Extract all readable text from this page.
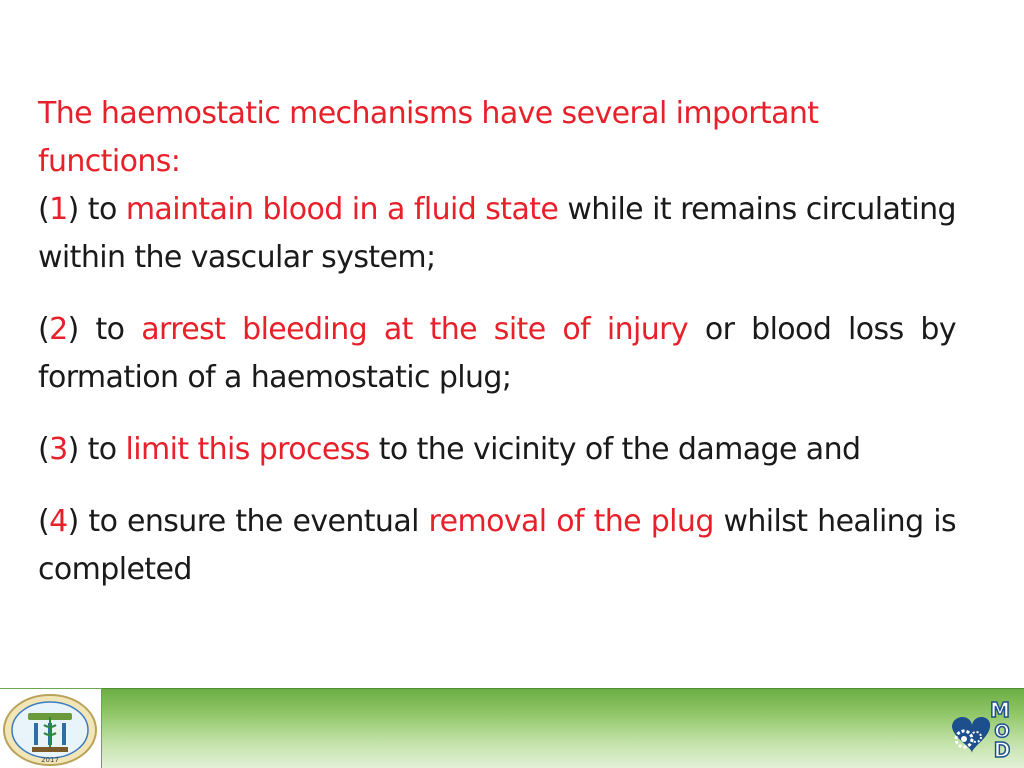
The haemostatic mechanisms have several important
functions:

(1) to maintain blood in a fluid state while it remains circulating within the vascular system;

(2) to arrest bleeding at the site of injury or blood loss by formation of a haemostatic plug;

(3) to limit this process to the vicinity of the damage and

(4) to ensure the eventual removal of the plug whilst healing is completed

2017
M
O
D
